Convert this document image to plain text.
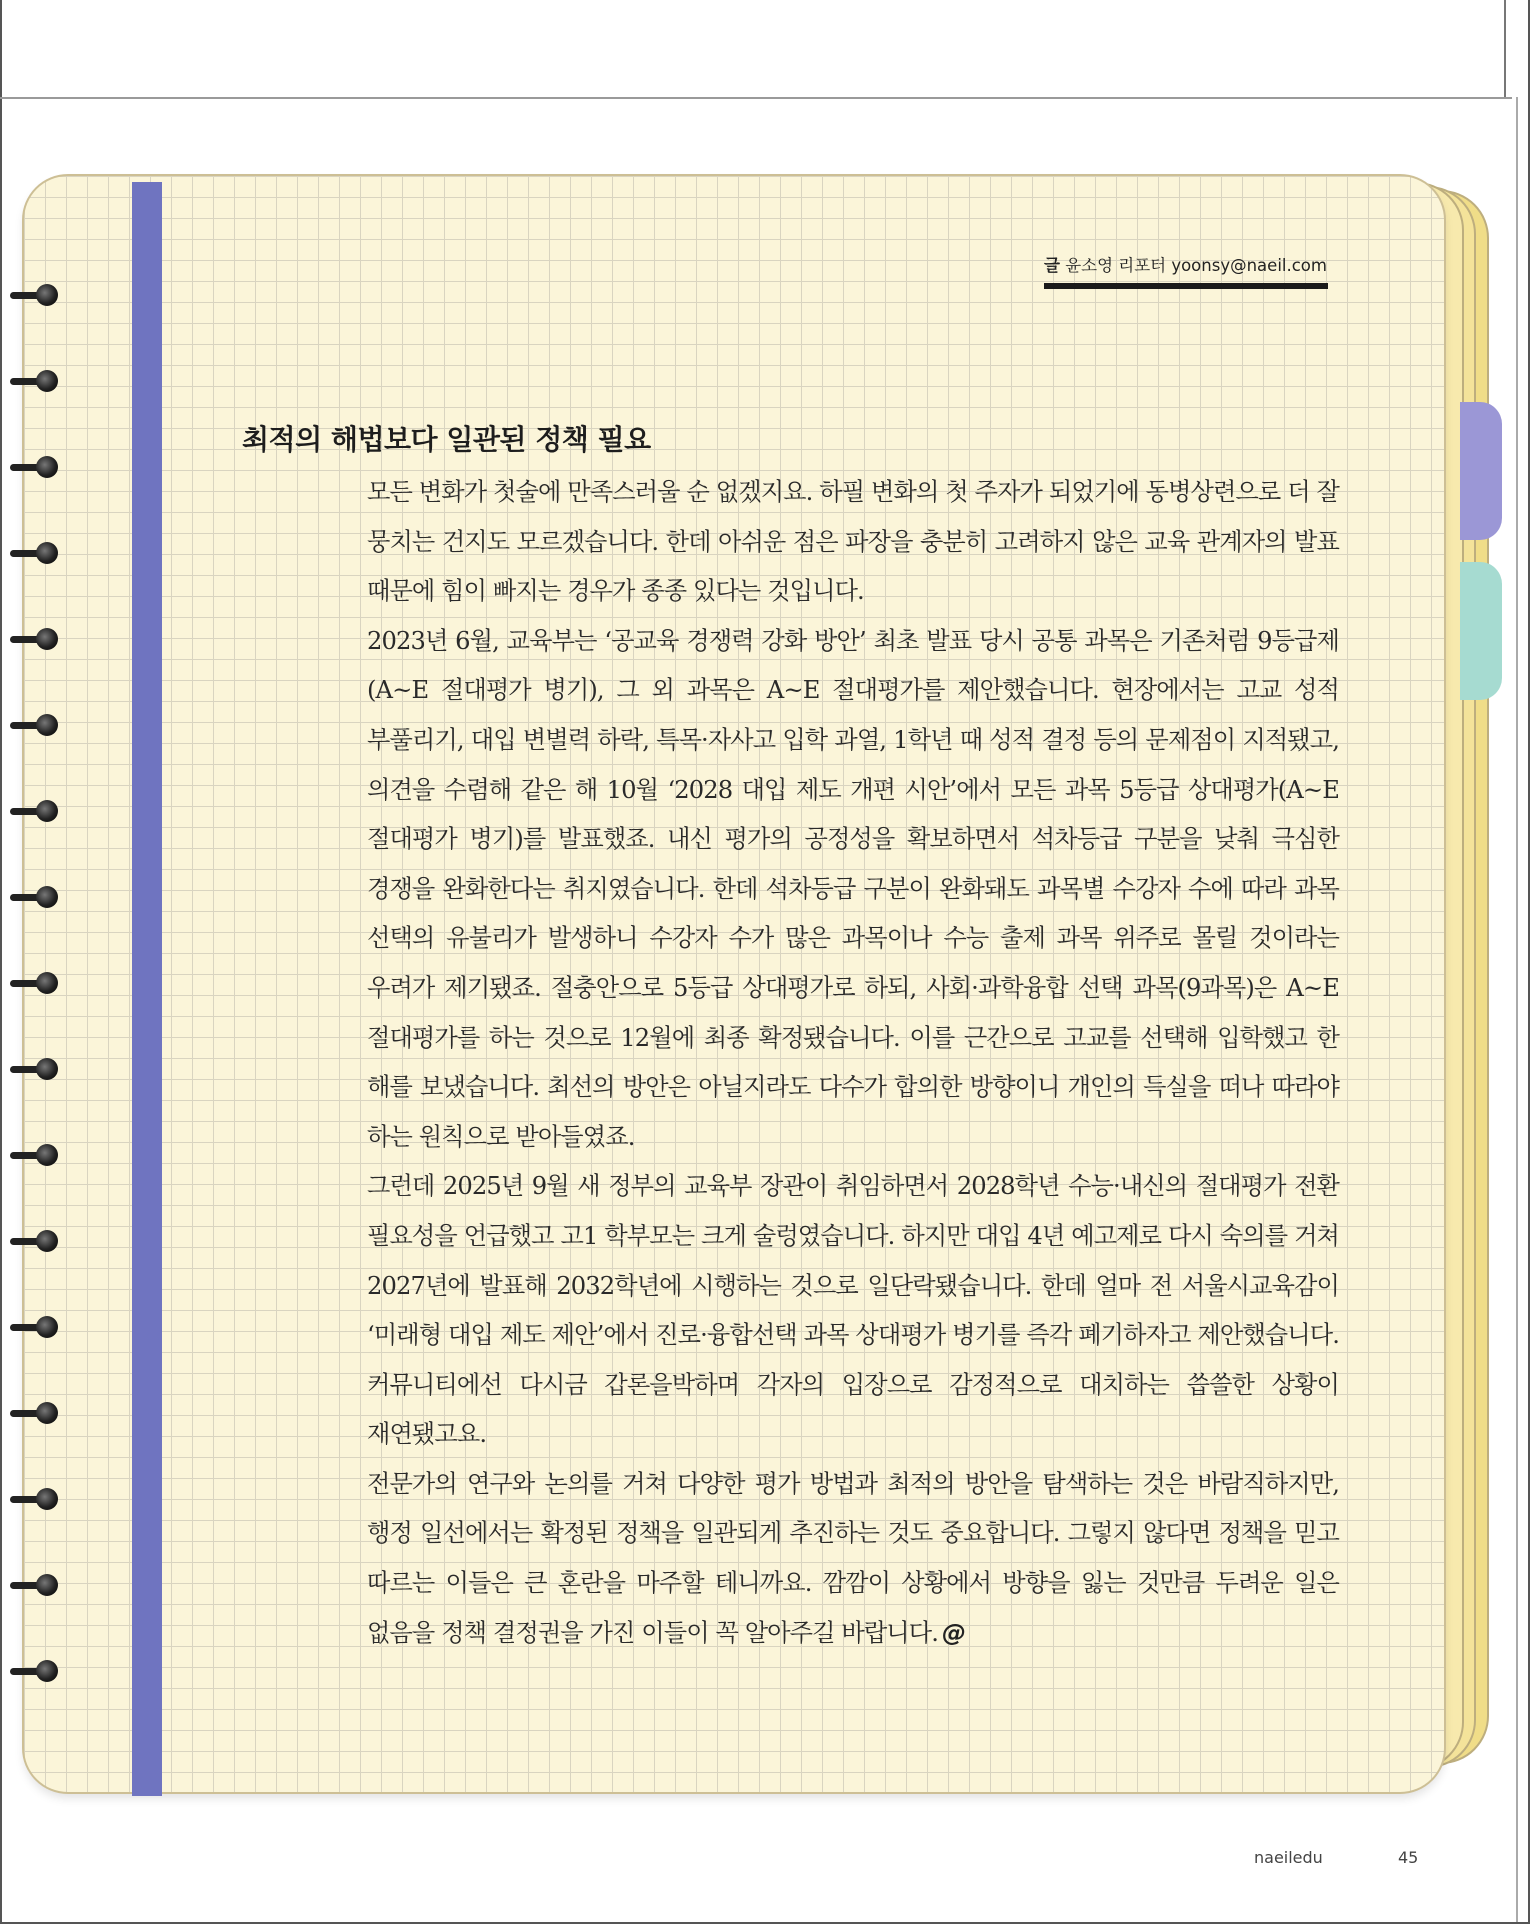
글 윤소영 리포터 yoonsy@naeil.com
최적의 해법보다 일관된 정책 필요

모든 변화가 첫술에 만족스러울 순 없겠지요. 하필 변화의 첫 주자가 되었기에 동병상련으로 더 잘 뭉치는 건지도 모르겠습니다. 한데 아쉬운 점은 파장을 충분히 고려하지 않은 교육 관계자의 발표 때문에 힘이 빠지는 경우가 종종 있다는 것입니다.

2023년 6월, 교육부는 ‘공교육 경쟁력 강화 방안’ 최초 발표 당시 공통 과목은 기존처럼 9등급제(A~E 절대평가 병기), 그 외 과목은 A~E 절대평가를 제안했습니다. 현장에서는 고교 성적 부풀리기, 대입 변별력 하락, 특목·자사고 입학 과열, 1학년 때 성적 결정 등의 문제점이 지적됐고, 의견을 수렴해 같은 해 10월 ‘2028 대입 제도 개편 시안’에서 모든 과목 5등급 상대평가(A~E 절대평가 병기)를 발표했죠. 내신 평가의 공정성을 확보하면서 석차등급 구분을 낮춰 극심한 경쟁을 완화한다는 취지였습니다. 한데 석차등급 구분이 완화돼도 과목별 수강자 수에 따라 과목 선택의 유불리가 발생하니 수강자 수가 많은 과목이나 수능 출제 과목 위주로 몰릴 것이라는 우려가 제기됐죠. 절충안으로 5등급 상대평가로 하되, 사회·과학융합 선택 과목(9과목)은 A~E 절대평가를 하는 것으로 12월에 최종 확정됐습니다. 이를 근간으로 고교를 선택해 입학했고 한 해를 보냈습니다. 최선의 방안은 아닐지라도 다수가 합의한 방향이니 개인의 득실을 떠나 따라야 하는 원칙으로 받아들였죠.

그런데 2025년 9월 새 정부의 교육부 장관이 취임하면서 2028학년 수능·내신의 절대평가 전환 필요성을 언급했고 고1 학부모는 크게 술렁였습니다. 하지만 대입 4년 예고제로 다시 숙의를 거쳐 2027년에 발표해 2032학년에 시행하는 것으로 일단락됐습니다. 한데 얼마 전 서울시교육감이 ‘미래형 대입 제도 제안’에서 진로·융합선택 과목 상대평가 병기를 즉각 폐기하자고 제안했습니다. 커뮤니티에선 다시금 갑론을박하며 각자의 입장으로 감정적으로 대치하는 씁쓸한 상황이 재연됐고요.

전문가의 연구와 논의를 거쳐 다양한 평가 방법과 최적의 방안을 탐색하는 것은 바람직하지만, 행정 일선에서는 확정된 정책을 일관되게 추진하는 것도 중요합니다. 그렇지 않다면 정책을 믿고 따르는 이들은 큰 혼란을 마주할 테니까요. 깜깜이 상황에서 방향을 잃는 것만큼 두려운 일은 없음을 정책 결정권을 가진 이들이 꼭 알아주길 바랍니다. @

naeiledu	45
